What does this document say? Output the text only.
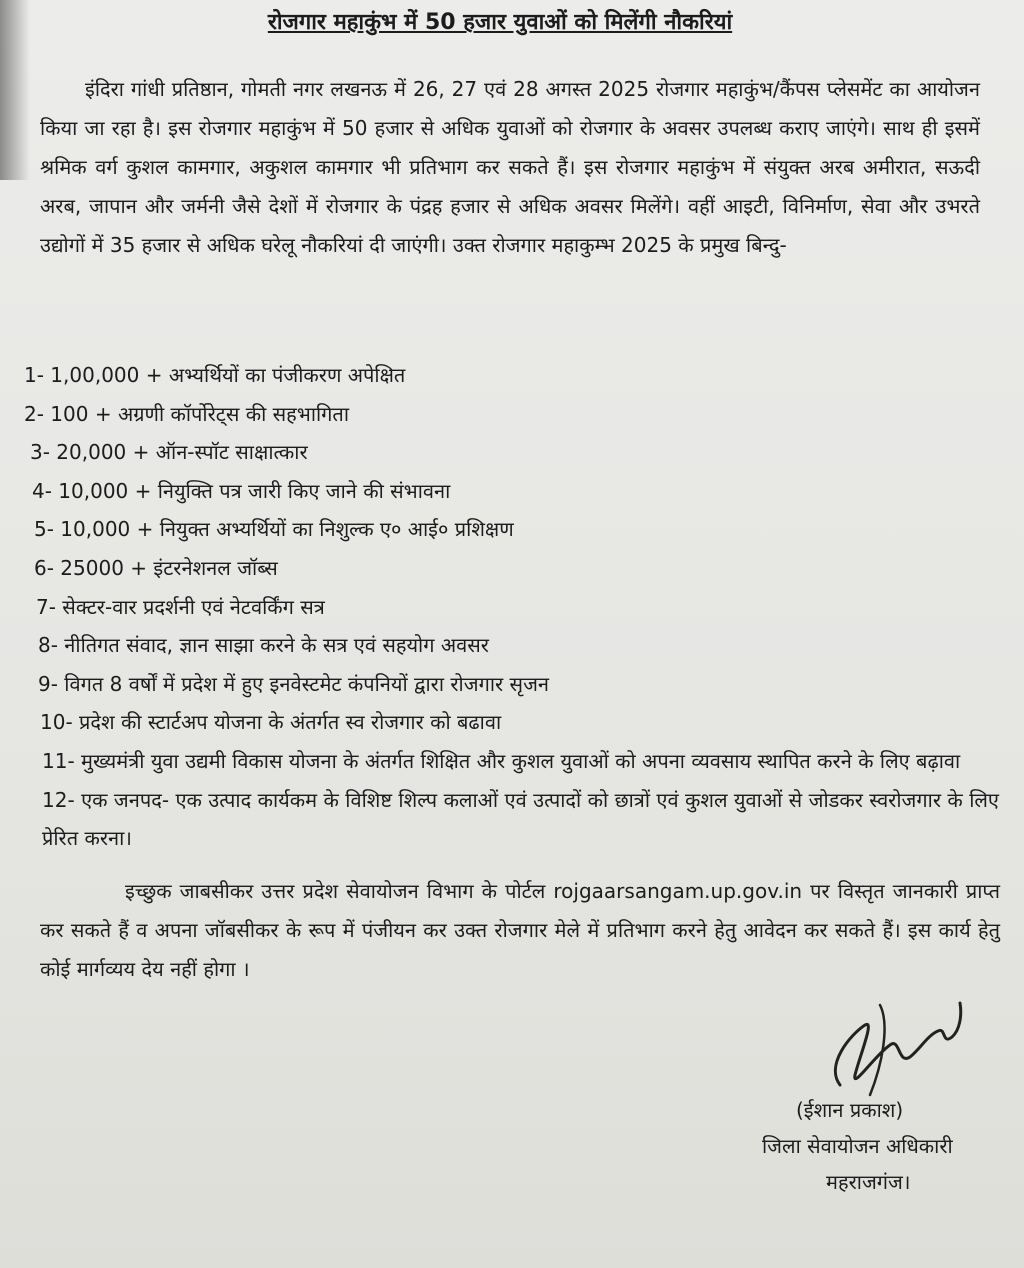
रोजगार महाकुंभ में 50 हजार युवाओं को मिलेंगी नौकरियां
इंदिरा गांधी प्रतिष्ठान, गोमती नगर लखनऊ में 26, 27 एवं 28 अगस्त 2025 रोजगार महाकुंभ/कैंपस प्लेसमेंट का आयोजन किया जा रहा है। इस रोजगार महाकुंभ में 50 हजार से अधिक युवाओं को रोजगार के अवसर उपलब्ध कराए जाएंगे। साथ ही इसमें श्रमिक वर्ग कुशल कामगार, अकुशल कामगार भी प्रतिभाग कर सकते हैं। इस रोजगार महाकुंभ में संयुक्त अरब अमीरात, सऊदी अरब, जापान और जर्मनी जैसे देशों में रोजगार के पंद्रह हजार से अधिक अवसर मिलेंगे। वहीं आइटी, विनिर्माण, सेवा और उभरते उद्योगों में 35 हजार से अधिक घरेलू नौकरियां दी जाएंगी। उक्त रोजगार महाकुम्भ 2025 के प्रमुख बिन्दु-
1- 1,00,000 + अभ्यर्थियों का पंजीकरण अपेक्षित
2- 100 + अग्रणी कॉर्पोरेट्स की सहभागिता
3- 20,000 + ऑन-स्पॉट साक्षात्कार
4- 10,000 + नियुक्ति पत्र जारी किए जाने की संभावना
5- 10,000 + नियुक्त अभ्यर्थियों का निशुल्क ए० आई० प्रशिक्षण
6- 25000 + इंटरनेशनल जॉब्स
7- सेक्टर-वार प्रदर्शनी एवं नेटवर्किंग सत्र
8- नीतिगत संवाद, ज्ञान साझा करने के सत्र एवं सहयोग अवसर
9- विगत 8 वर्षों में प्रदेश में हुए इनवेस्टमेट कंपनियों द्वारा रोजगार सृजन
10- प्रदेश की स्टार्टअप योजना के अंतर्गत स्व रोजगार को बढावा
11- मुख्यमंत्री युवा उद्यमी विकास योजना के अंतर्गत शिक्षित और कुशल युवाओं को अपना व्यवसाय स्थापित करने के लिए बढ़ावा
12- एक जनपद- एक उत्पाद कार्यकम के विशिष्ट शिल्प कलाओं एवं उत्पादों को छात्रों एवं कुशल युवाओं से जोडकर स्वरोजगार के लिए प्रेरित करना।
इच्छुक जाबसीकर उत्तर प्रदेश सेवायोजन विभाग के पोर्टल rojgaarsangam.up.gov.in पर विस्तृत जानकारी प्राप्त कर सकते हैं व अपना जॉबसीकर के रूप में पंजीयन कर उक्त रोजगार मेले में प्रतिभाग करने हेतु आवेदन कर सकते हैं। इस कार्य हेतु कोई मार्गव्यय देय नहीं होगा ।
(ईशान प्रकाश)
जिला सेवायोजन अधिकारी
महराजगंज।
